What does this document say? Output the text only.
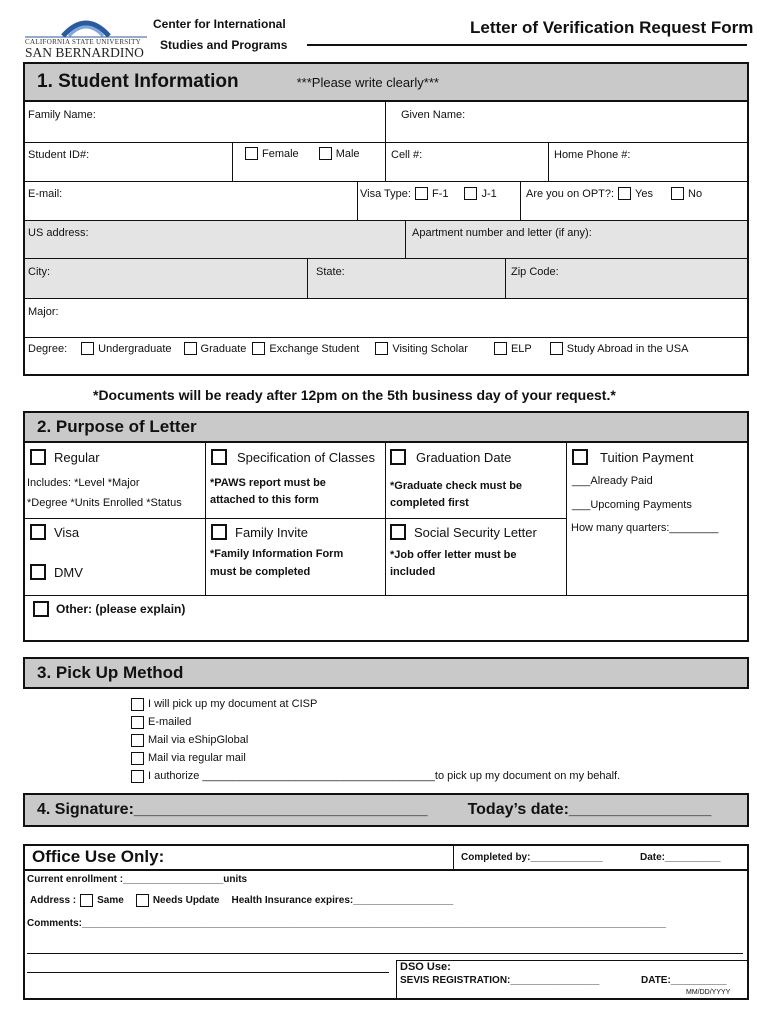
CALIFORNIA STATE UNIVERSITY
SAN BERNARDINO
Center for International
Studies and Programs
Letter of Verification Request Form
1. Student Information	***Please write clearly***
Family Name:	Given Name:
Student ID#:	Female	Male	Cell #:	Home Phone #:
E-mail:	Visa Type: F-1	J-1	Are you on OPT?: Yes	No
US address:	Apartment number and letter (if any):
City:	State:	Zip Code:
Major:
Degree:	Undergraduate	Graduate Exchange Student	Visiting Scholar	ELP	Study Abroad in the USA
*Documents will be ready after 12pm on the 5th business day of your request.*
2. Purpose of Letter
Regular
Includes: *Level *Major
*Degree *Units Enrolled *Status
Specification of Classes
*PAWS report must be
attached to this form
Graduation Date
*Graduate check must be
completed first
Tuition Payment
___Already Paid
___Upcoming Payments
How many quarters:________
Visa
DMV
Family Invite
*Family Information Form
must be completed
Social Security Letter
*Job offer letter must be
included
Other: (please explain)
3. Pick Up Method
I will pick up my document at CISP
E-mailed
Mail via eShipGlobal
Mail via regular mail
I authorize ______________________________________to pick up my document on my behalf.
4. Signature:_________________________________	Today’s date:________________
Office Use Only:	Completed by:_____________	Date:__________
Current enrollment :__________________units
Address : Same	Needs Update Health Insurance expires:__________________
Comments:_________________________________________________________________________________________________________
DSO Use:
SEVIS REGISTRATION:________________	DATE:__________
MM/DD/YYYY
